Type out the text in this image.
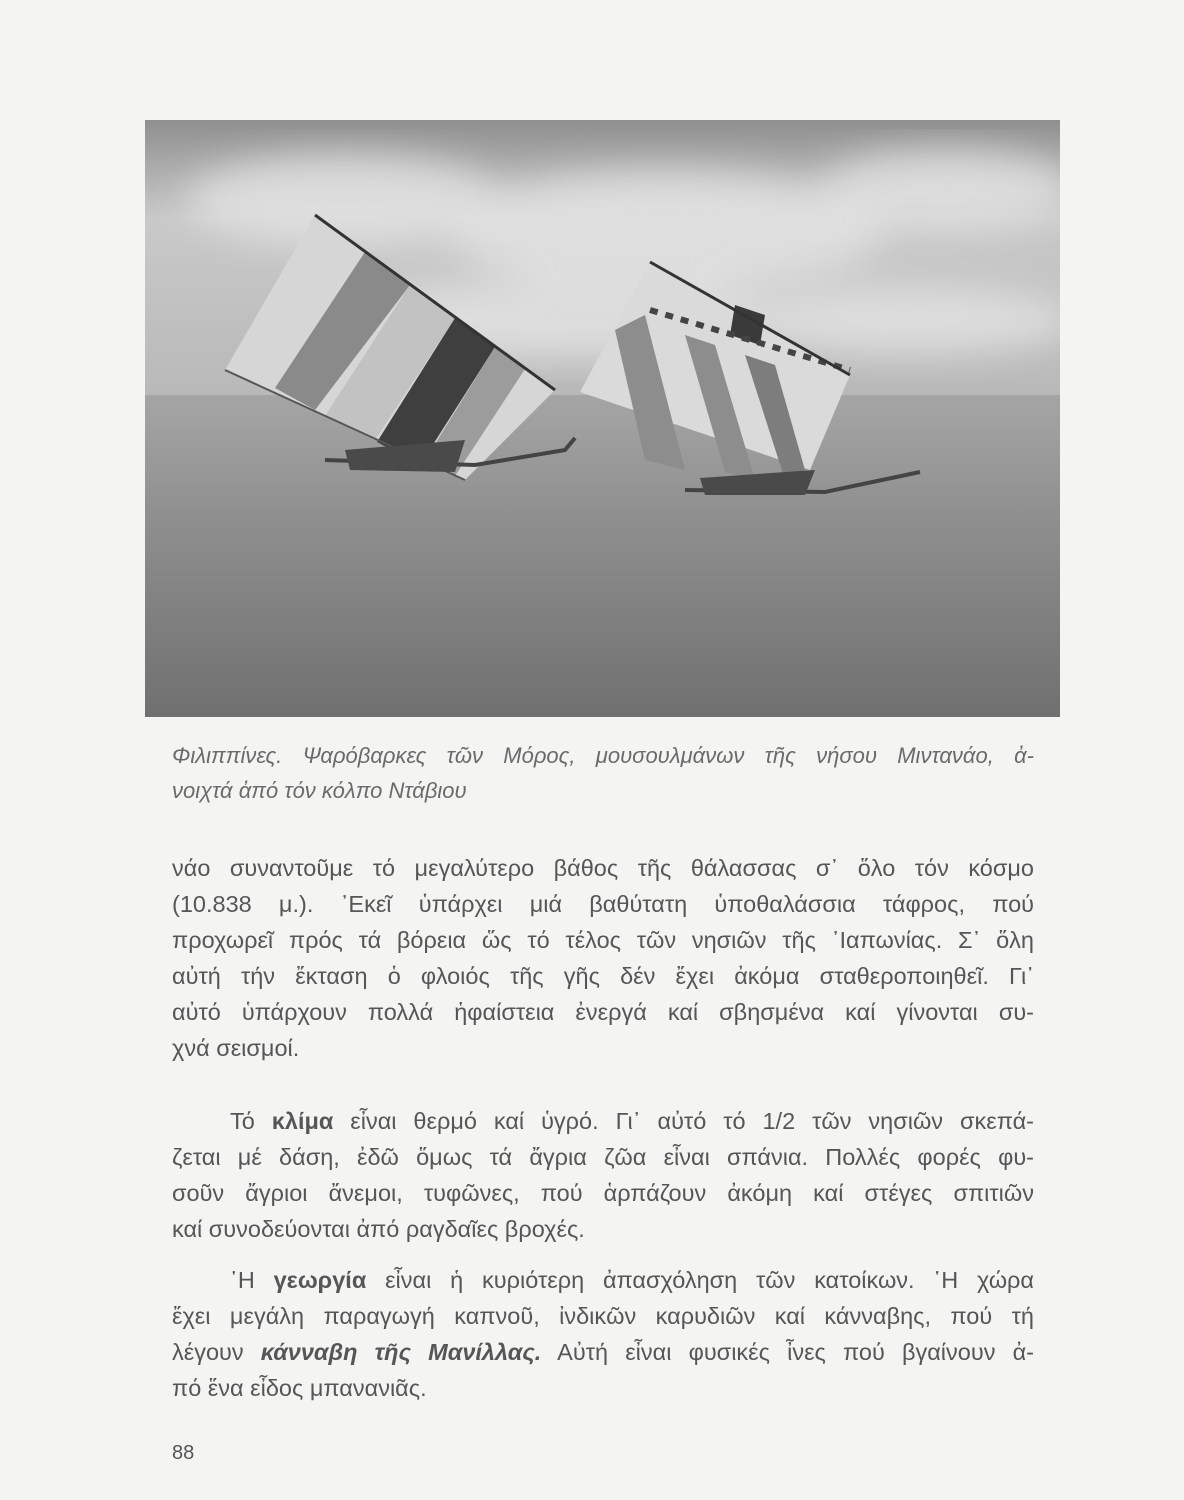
Φιλιππίνες. Ψαρόβαρκες τῶν Μόρος, μουσουλμάνων τῆς νήσου Μιντανάο, ἀ-
νοιχτά ἀπό τόν κόλπο Ντάβιου
νάο συναντοῦμε τό μεγαλύτερο βάθος τῆς θάλασσας σ᾽ ὅλο τόν κόσμο
(10.838 μ.). ᾽Εκεῖ ὑπάρχει μιά βαθύτατη ὑποθαλάσσια τάφρος, πού
προχωρεῖ πρός τά βόρεια ὥς τό τέλος τῶν νησιῶν τῆς ᾽Ιαπωνίας. Σ᾽ ὅλη
αὐτή τήν ἔκταση ὁ φλοιός τῆς γῆς δέν ἔχει ἀκόμα σταθεροποιηθεῖ. Γι᾽
αὐτό ὑπάρχουν πολλά ἡφαίστεια ἐνεργά καί σβησμένα καί γίνονται συ-
χνά σεισμοί.
Τό κλίμα εἶναι θερμό καί ὑγρό. Γι᾽ αὐτό τό 1/2 τῶν νησιῶν σκεπά-
ζεται μέ δάση, ἐδῶ ὅμως τά ἄγρια ζῶα εἶναι σπάνια. Πολλές φορές φυ-
σοῦν ἄγριοι ἄνεμοι, τυφῶνες, πού ἁρπάζουν ἀκόμη καί στέγες σπιτιῶν
καί συνοδεύονται ἀπό ραγδαῖες βροχές.
῾Η γεωργία εἶναι ἡ κυριότερη ἀπασχόληση τῶν κατοίκων. ῾Η χώρα
ἔχει μεγάλη παραγωγή καπνοῦ, ἰνδικῶν καρυδιῶν καί κάνναβης, πού τή
λέγουν κάνναβη τῆς Μανίλλας. Αὐτή εἶναι φυσικές ἶνες πού βγαίνουν ἀ-
πό ἕνα εἶδος μπανανιᾶς.
88
